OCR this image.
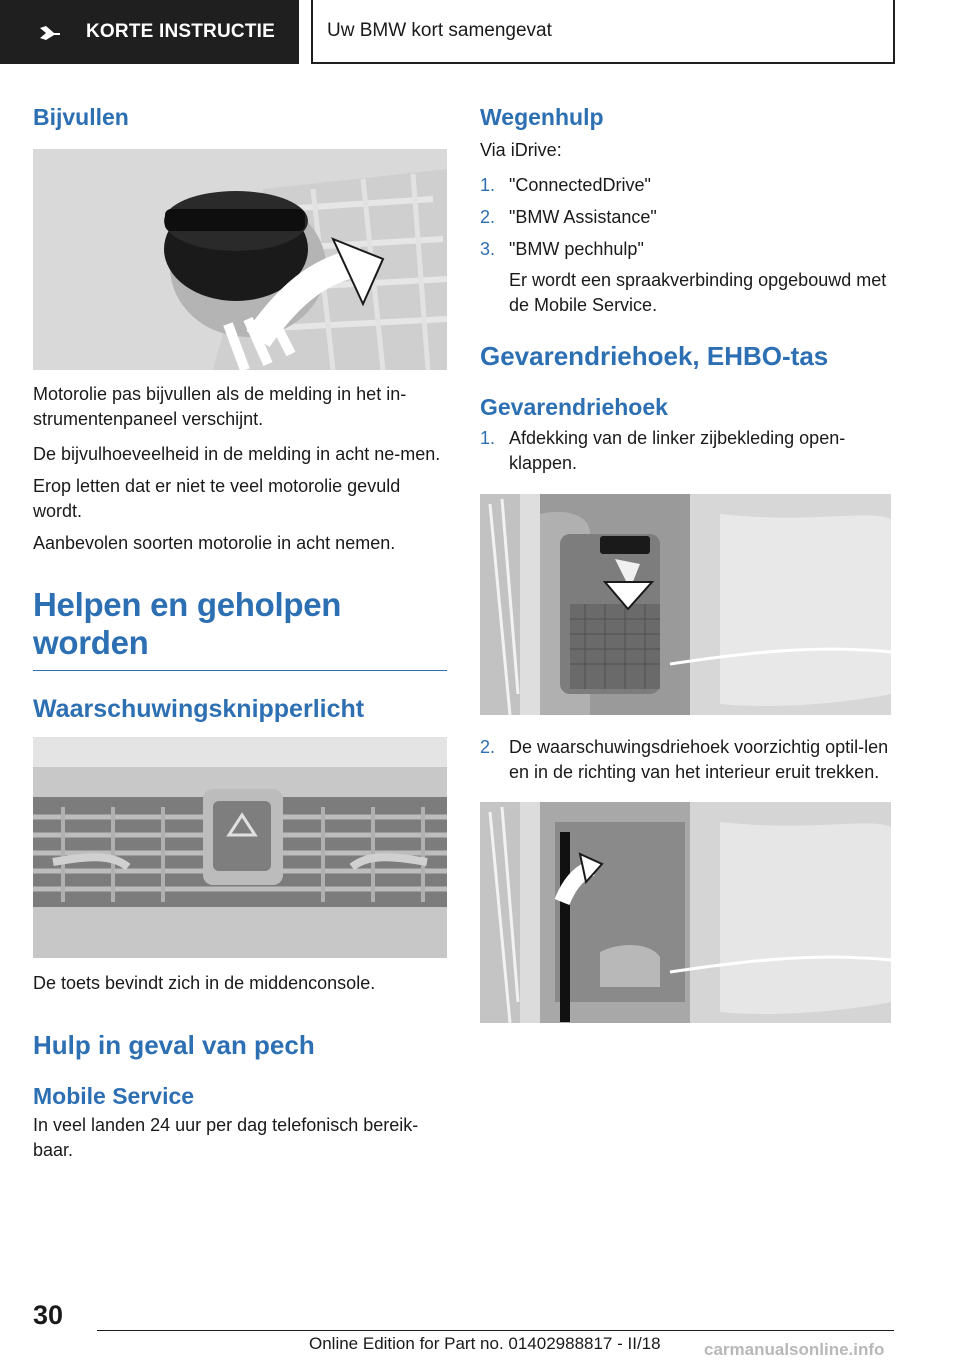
KORTE INSTRUCTIE	Uw BMW kort samengevat
Bijvullen
Motorolie pas bijvullen als de melding in het in-strumentenpaneel verschijnt.
De bijvulhoeveelheid in de melding in acht ne-men.
Erop letten dat er niet te veel motorolie gevuld wordt.
Aanbevolen soorten motorolie in acht nemen.
Helpen en geholpen worden
Waarschuwingsknipperlicht
De toets bevindt zich in de middenconsole.
Hulp in geval van pech
Mobile Service
In veel landen 24 uur per dag telefonisch bereik-baar.
Wegenhulp
Via iDrive:
1. "ConnectedDrive"
2. "BMW Assistance"
3. "BMW pechhulp"

Er wordt een spraakverbinding opgebouwd met de Mobile Service.
Gevarendriehoek, EHBO-tas
Gevarendriehoek
1. Afdekking van de linker zijbekleding open-klappen.
2. De waarschuwingsdriehoek voorzichtig optil-len en in de richting van het interieur eruit trekken.
30
Online Edition for Part no. 01402988817 - II/18	carmanualsonline.info
